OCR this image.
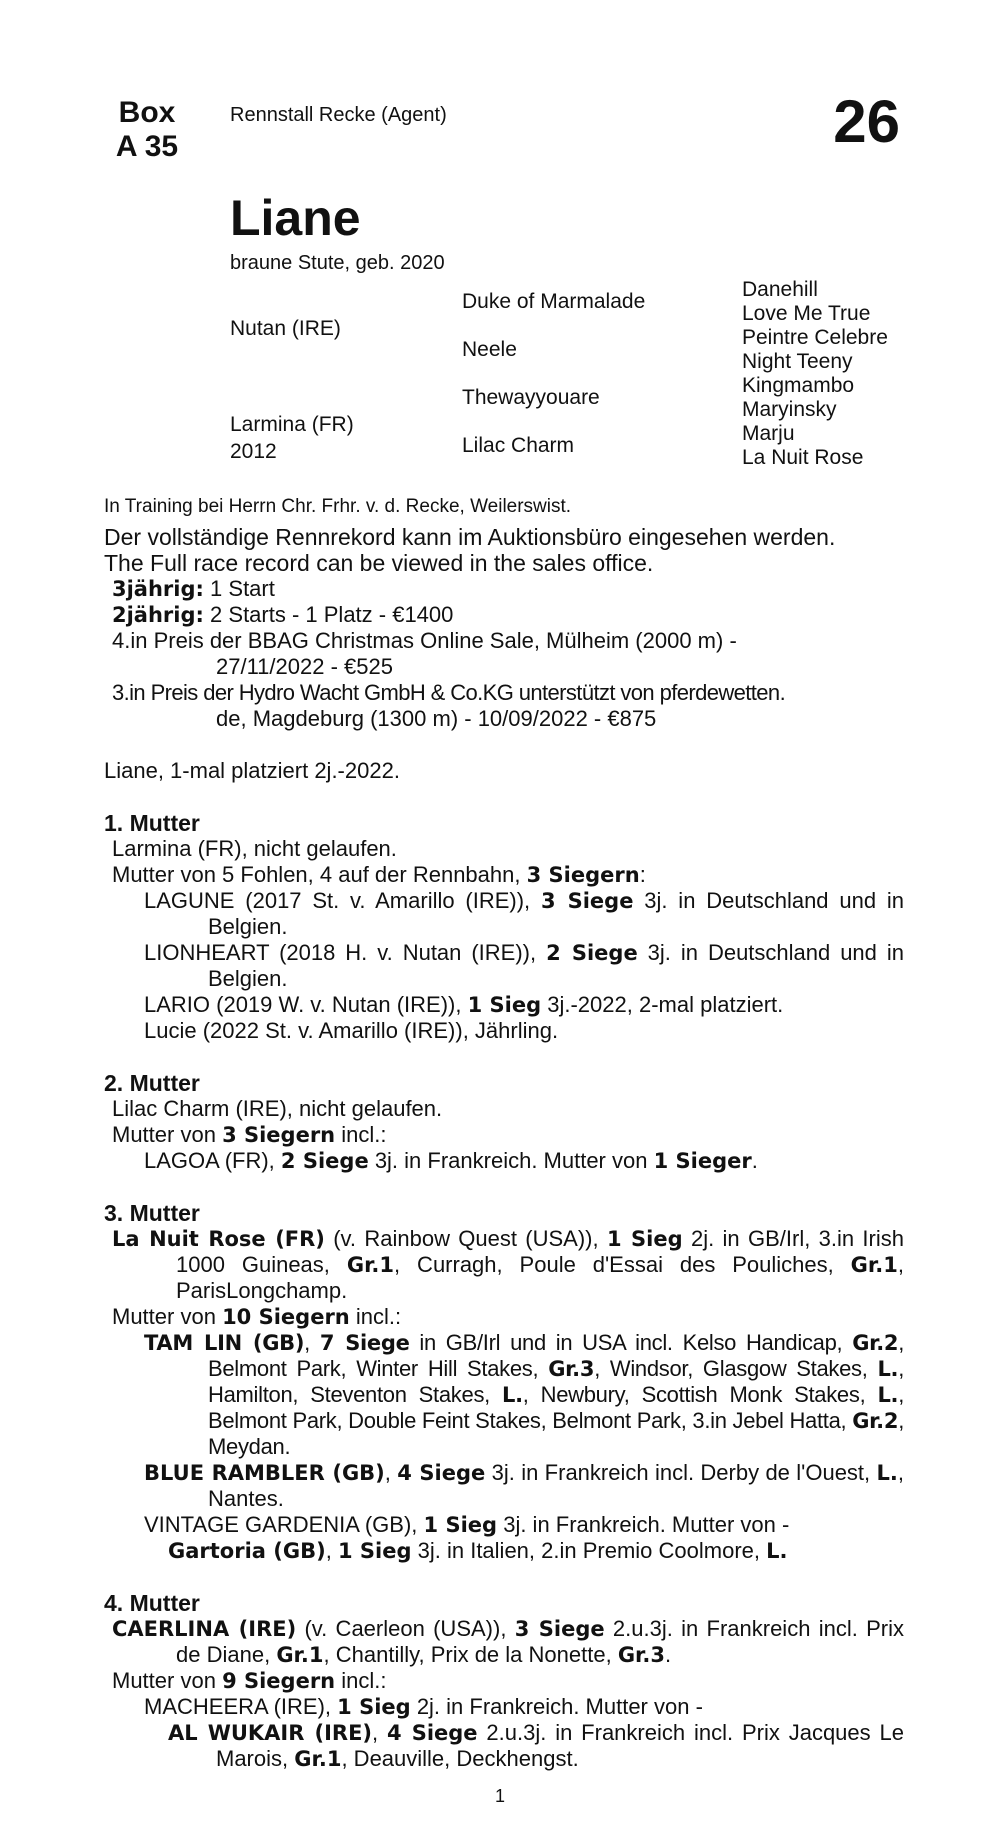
Box
A 35
Rennstall Recke (Agent)	26
Liane
braune Stute, geb. 2020
Nutan (IRE)
Larmina (FR)
2012
Duke of Marmalade
Neele
Thewayyouare
Lilac Charm
Danehill
Love Me True
Peintre Celebre
Night Teeny
Kingmambo
Maryinsky
Marju
La Nuit Rose
In Training bei Herrn Chr. Frhr. v. d. Recke, Weilerswist.
Der vollständige Rennrekord kann im Auktionsbüro eingesehen werden.
The Full race record can be viewed in the sales office.
3jährig: 1 Start
2jährig: 2 Starts - 1 Platz - €1400
4.in Preis der BBAG Christmas Online Sale, Mülheim (2000 m) -
27/11/2022 - €525
3.in Preis der Hydro Wacht GmbH & Co.KG unterstützt von pferdewetten.
de, Magdeburg (1300 m) - 10/09/2022 - €875
Liane, 1-mal platziert 2j.-2022.
1. Mutter
Larmina (FR), nicht gelaufen.
Mutter von 5 Fohlen, 4 auf der Rennbahn, 3 Siegern:
LAGUNE (2017 St. v. Amarillo (IRE)), 3 Siege 3j. in Deutschland und in Belgien.
LIONHEART (2018 H. v. Nutan (IRE)), 2 Siege 3j. in Deutschland und in Belgien.
LARIO (2019 W. v. Nutan (IRE)), 1 Sieg 3j.-2022, 2-mal platziert.
Lucie (2022 St. v. Amarillo (IRE)), Jährling.
2. Mutter
Lilac Charm (IRE), nicht gelaufen.
Mutter von 3 Siegern incl.:
LAGOA (FR), 2 Siege 3j. in Frankreich. Mutter von 1 Sieger.
3. Mutter
La Nuit Rose (FR) (v. Rainbow Quest (USA)), 1 Sieg 2j. in GB/Irl, 3.in Irish 1000 Guineas, Gr.1, Curragh, Poule d'Essai des Pouliches, Gr.1, ParisLongchamp.
Mutter von 10 Siegern incl.:
TAM LIN (GB), 7 Siege in GB/Irl und in USA incl. Kelso Handicap, Gr.2, Belmont Park, Winter Hill Stakes, Gr.3, Windsor, Glasgow Stakes, L., Hamilton, Steventon Stakes, L., Newbury, Scottish Monk Stakes, L., Belmont Park, Double Feint Stakes, Belmont Park, 3.in Jebel Hatta, Gr.2, Meydan.
BLUE RAMBLER (GB), 4 Siege 3j. in Frankreich incl. Derby de l'Ouest, L., Nantes.
VINTAGE GARDENIA (GB), 1 Sieg 3j. in Frankreich. Mutter von -
Gartoria (GB), 1 Sieg 3j. in Italien, 2.in Premio Coolmore, L.
4. Mutter
CAERLINA (IRE) (v. Caerleon (USA)), 3 Siege 2.u.3j. in Frankreich incl. Prix de Diane, Gr.1, Chantilly, Prix de la Nonette, Gr.3.
Mutter von 9 Siegern incl.:
MACHEERA (IRE), 1 Sieg 2j. in Frankreich. Mutter von -
AL WUKAIR (IRE), 4 Siege 2.u.3j. in Frankreich incl. Prix Jacques Le Marois, Gr.1, Deauville, Deckhengst.
1
